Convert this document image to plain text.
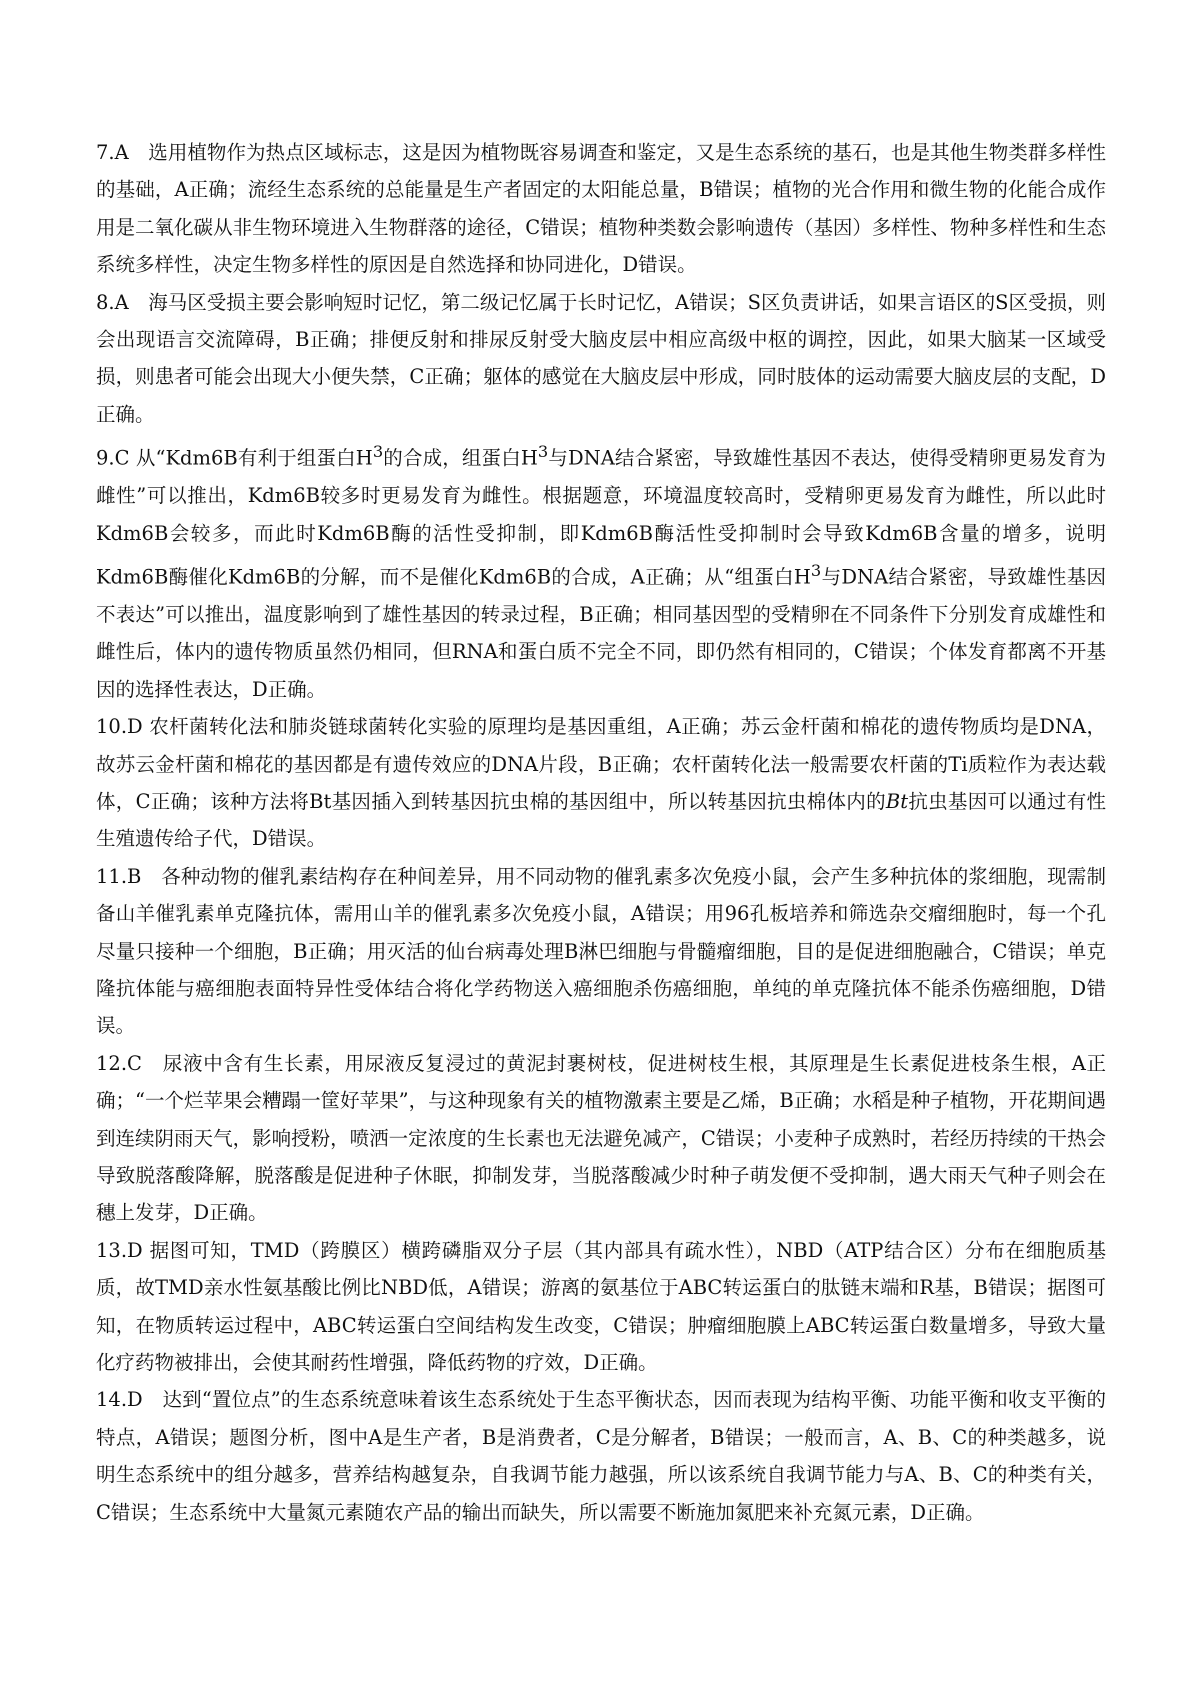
7.A　选用植物作为热点区域标志，这是因为植物既容易调查和鉴定，又是生态系统的基石，也是其他生物类群多样性的基础，A正确；流经生态系统的总能量是生产者固定的太阳能总量，B错误；植物的光合作用和微生物的化能合成作用是二氧化碳从非生物环境进入生物群落的途径，C错误；植物种类数会影响遗传（基因）多样性、物种多样性和生态系统多样性，决定生物多样性的原因是自然选择和协同进化，D错误。

8.A　海马区受损主要会影响短时记忆，第二级记忆属于长时记忆，A错误；S区负责讲话，如果言语区的S区受损，则会出现语言交流障碍，B正确；排便反射和排尿反射受大脑皮层中相应高级中枢的调控，因此，如果大脑某一区域受损，则患者可能会出现大小便失禁，C正确；躯体的感觉在大脑皮层中形成，同时肢体的运动需要大脑皮层的支配，D正确。

9.C 从“Kdm6B有利于组蛋白$H^3$的合成，组蛋白$H^3$与DNA结合紧密，导致雄性基因不表达，使得受精卵更易发育为雌性”可以推出，Kdm6B较多时更易发育为雌性。根据题意，环境温度较高时，受精卵更易发育为雌性，所以此时Kdm6B会较多，而此时Kdm6B酶的活性受抑制，即Kdm6B酶活性受抑制时会导致Kdm6B含量的增多，说明Kdm6B酶催化Kdm6B的分解，而不是催化Kdm6B的合成，A正确；从“组蛋白$H^3$与DNA结合紧密，导致雄性基因不表达”可以推出，温度影响到了雄性基因的转录过程，B正确；相同基因型的受精卵在不同条件下分别发育成雄性和雌性后，体内的遗传物质虽然仍相同，但RNA和蛋白质不完全不同，即仍然有相同的，C错误；个体发育都离不开基因的选择性表达，D正确。

10.D 农杆菌转化法和肺炎链球菌转化实验的原理均是基因重组，A正确；苏云金杆菌和棉花的遗传物质均是DNA，故苏云金杆菌和棉花的基因都是有遗传效应的DNA片段，B正确；农杆菌转化法一般需要农杆菌的Ti质粒作为表达载体，C正确；该种方法将Bt基因插入到转基因抗虫棉的基因组中，所以转基因抗虫棉体内的Bt抗虫基因可以通过有性生殖遗传给子代，D错误。

11.B　各种动物的催乳素结构存在种间差异，用不同动物的催乳素多次免疫小鼠，会产生多种抗体的浆细胞，现需制备山羊催乳素单克隆抗体，需用山羊的催乳素多次免疫小鼠，A错误；用96孔板培养和筛选杂交瘤细胞时，每一个孔尽量只接种一个细胞，B正确；用灭活的仙台病毒处理B淋巴细胞与骨髓瘤细胞，目的是促进细胞融合，C错误；单克隆抗体能与癌细胞表面特异性受体结合将化学药物送入癌细胞杀伤癌细胞，单纯的单克隆抗体不能杀伤癌细胞，D错误。

12.C　尿液中含有生长素，用尿液反复浸过的黄泥封裹树枝，促进树枝生根，其原理是生长素促进枝条生根，A正确；“一个烂苹果会糟蹋一筐好苹果”，与这种现象有关的植物激素主要是乙烯，B正确；水稻是种子植物，开花期间遇到连续阴雨天气，影响授粉，喷洒一定浓度的生长素也无法避免减产，C错误；小麦种子成熟时，若经历持续的干热会导致脱落酸降解，脱落酸是促进种子休眠，抑制发芽，当脱落酸减少时种子萌发便不受抑制，遇大雨天气种子则会在穗上发芽，D正确。

13.D 据图可知，TMD（跨膜区）横跨磷脂双分子层（其内部具有疏水性），NBD（ATP结合区）分布在细胞质基质，故TMD亲水性氨基酸比例比NBD低，A错误；游离的氨基位于ABC转运蛋白的肽链末端和R基，B错误；据图可知，在物质转运过程中，ABC转运蛋白空间结构发生改变，C错误；肿瘤细胞膜上ABC转运蛋白数量增多，导致大量化疗药物被排出，会使其耐药性增强，降低药物的疗效，D正确。

14.D　达到“置位点”的生态系统意味着该生态系统处于生态平衡状态，因而表现为结构平衡、功能平衡和收支平衡的特点，A错误；题图分析，图中A是生产者，B是消费者，C是分解者，B错误；一般而言，A、B、C的种类越多，说明生态系统中的组分越多，营养结构越复杂，自我调节能力越强，所以该系统自我调节能力与A、B、C的种类有关，C错误；生态系统中大量氮元素随农产品的输出而缺失，所以需要不断施加氮肥来补充氮元素，D正确。
